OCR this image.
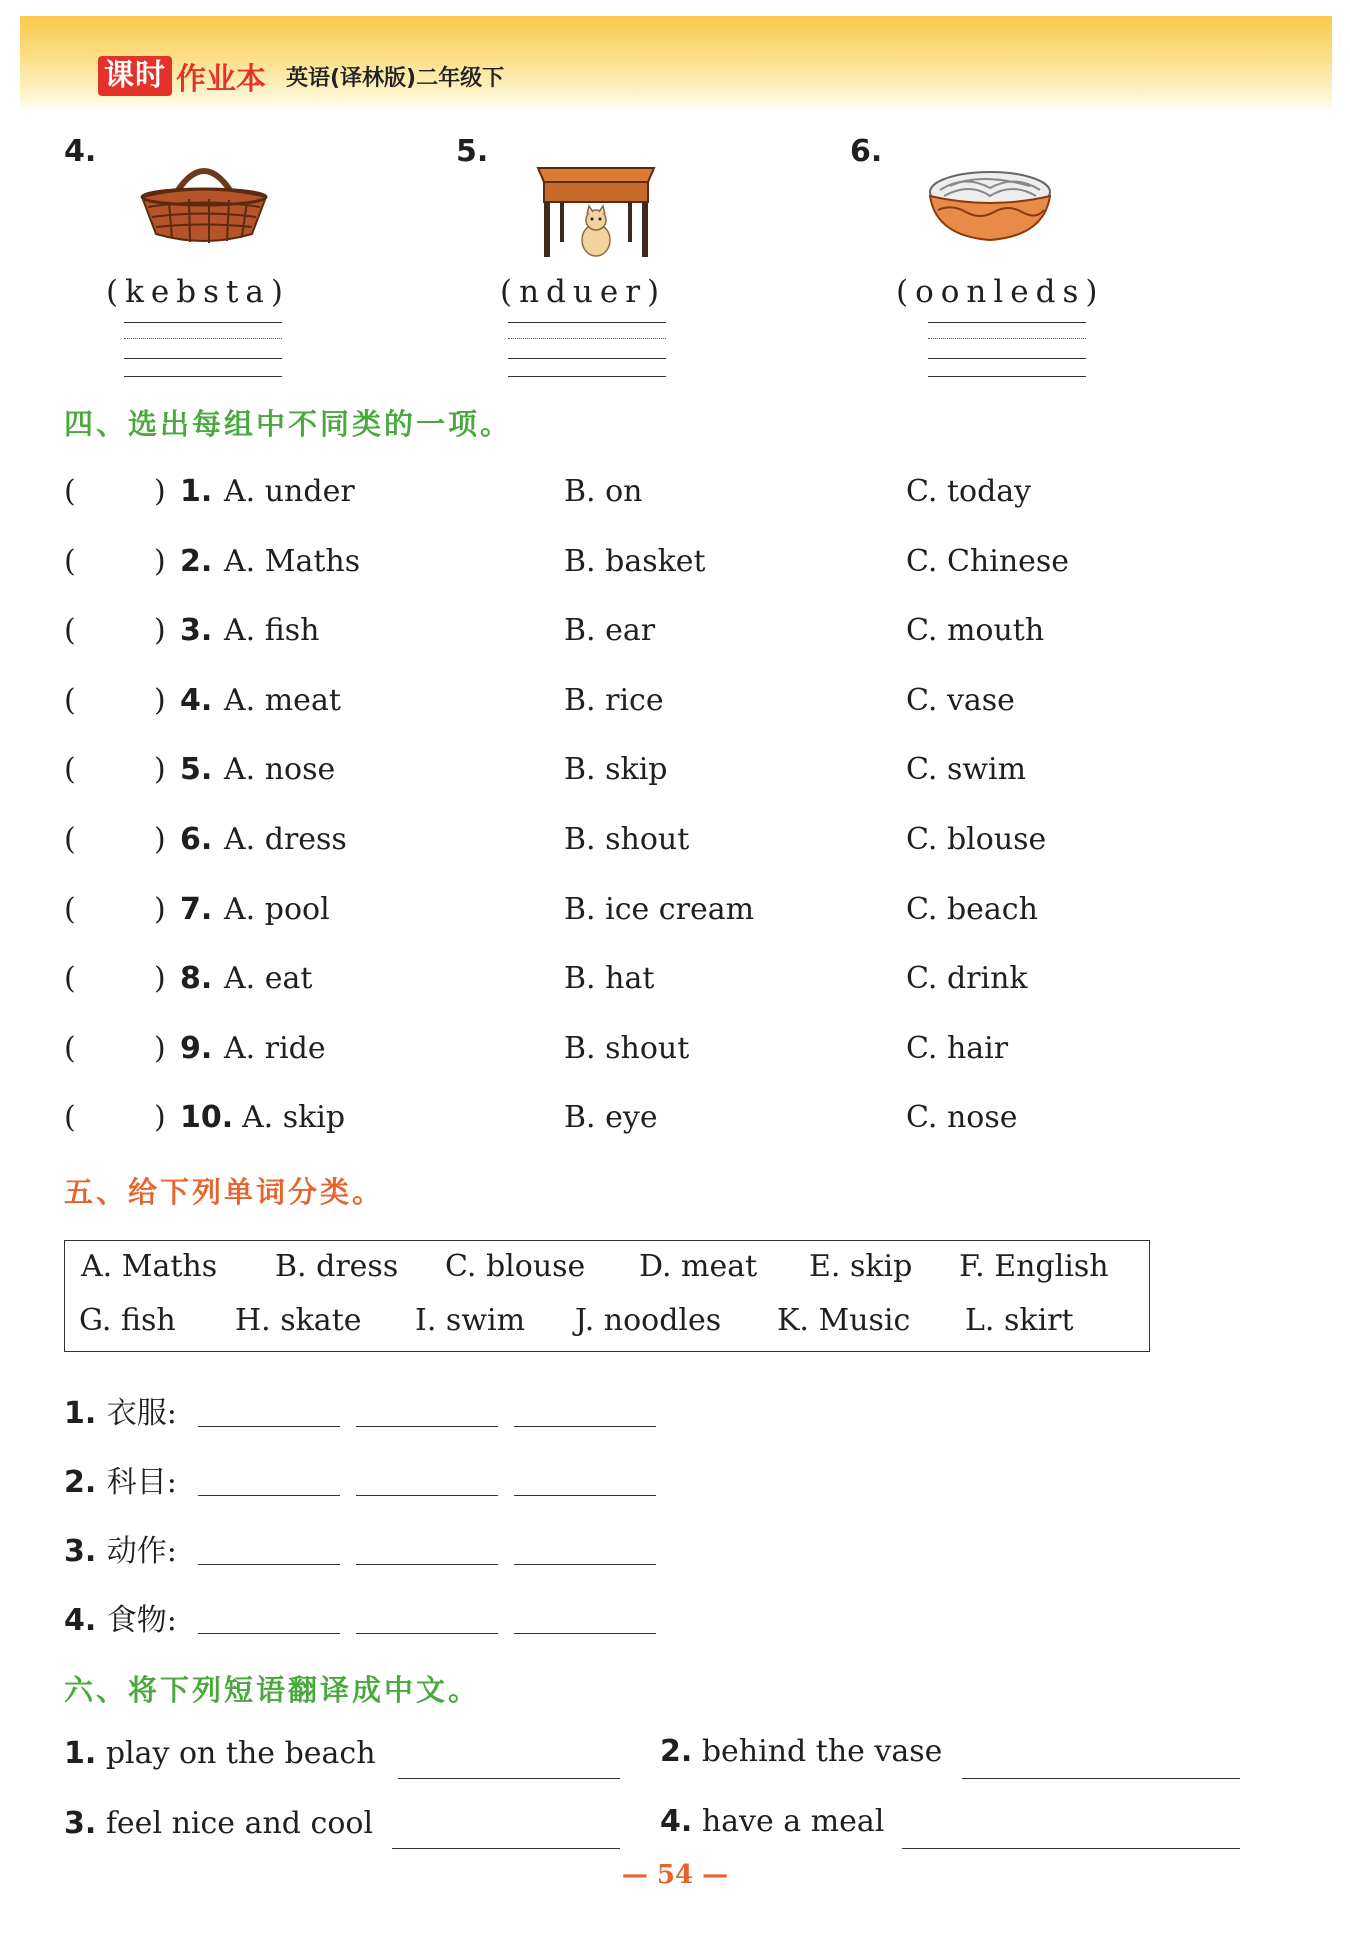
课时 作业本 英语(译林版)二年级下
4.
(kebsta)
5.
(nduer)
6.
(oonleds)
四、选出每组中不同类的一项。
(	) 1. A. under	B. on	C. today
(	) 2. A. Maths	B. basket	C. Chinese
(	) 3. A. fish	B. ear	C. mouth
(	) 4. A. meat	B. rice	C. vase
(	) 5. A. nose	B. skip	C. swim
(	) 6. A. dress	B. shout	C. blouse
(	) 7. A. pool	B. ice cream	C. beach
(	) 8. A. eat	B. hat	C. drink
(	) 9. A. ride	B. shout	C. hair
(	) 10. A. skip	B. eye	C. nose
五、给下列单词分类。
A. Maths B. dress C. blouse D. meat E. skip F. English
G. fish H. skate I. swim J. noodles K. Music L. skirt
1. 衣服:
2. 科目:
3. 动作:
4. 食物:
六、将下列短语翻译成中文。
1. play on the beach	2. behind the vase
3. feel nice and cool	4. have a meal
— 54 —
